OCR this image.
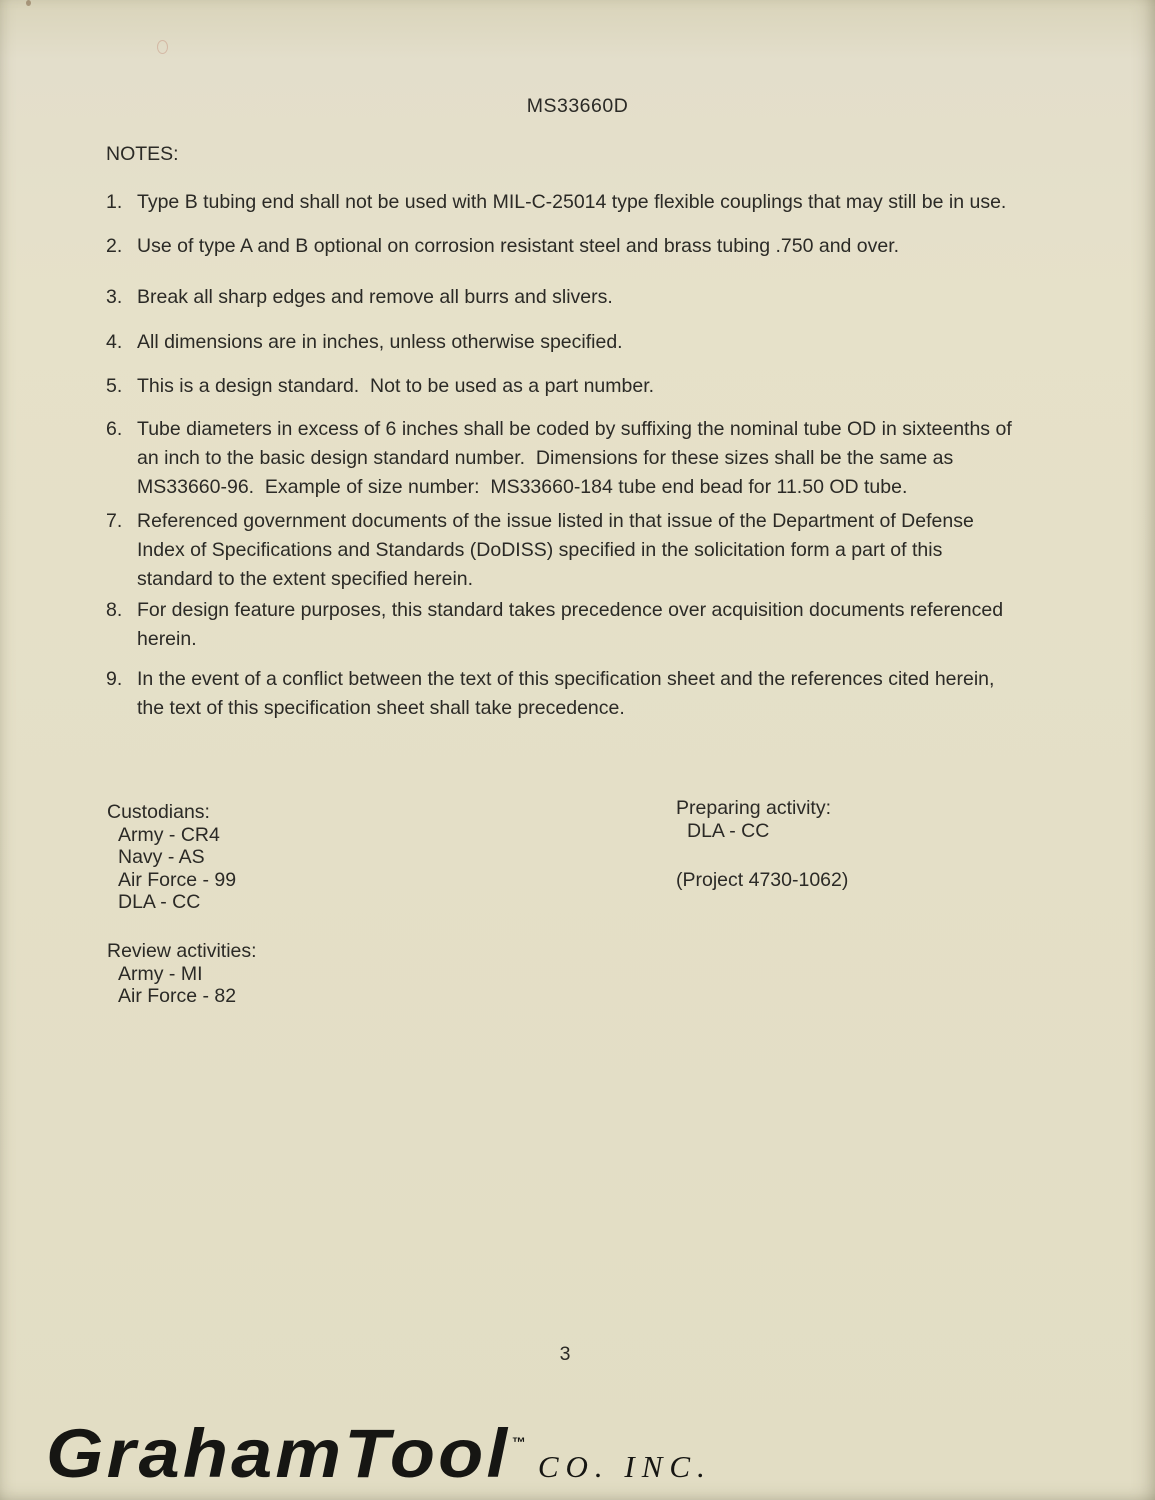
MS33660D
NOTES:
1. Type B tubing end shall not be used with MIL-C-25014 type flexible couplings that may still be in use.
2. Use of type A and B optional on corrosion resistant steel and brass tubing .750 and over.
3. Break all sharp edges and remove all burrs and slivers.
4. All dimensions are in inches, unless otherwise specified.
5. This is a design standard.  Not to be used as a part number.
6. Tube diameters in excess of 6 inches shall be coded by suffixing the nominal tube OD in sixteenths of
an inch to the basic design standard number.  Dimensions for these sizes shall be the same as
MS33660-96.  Example of size number:  MS33660-184 tube end bead for 11.50 OD tube.
7. Referenced government documents of the issue listed in that issue of the Department of Defense
Index of Specifications and Standards (DoDISS) specified in the solicitation form a part of this
standard to the extent specified herein.
8. For design feature purposes, this standard takes precedence over acquisition documents referenced
herein.
9. In the event of a conflict between the text of this specification sheet and the references cited herein,
the text of this specification sheet shall take precedence.
Custodians:
Army - CR4
Navy - AS
Air Force - 99
DLA - CC
Preparing activity:
DLA - CC
(Project 4730-1062)
Review activities:
Army - MI
Air Force - 82
3
GrahamTool ™
CO. INC.
